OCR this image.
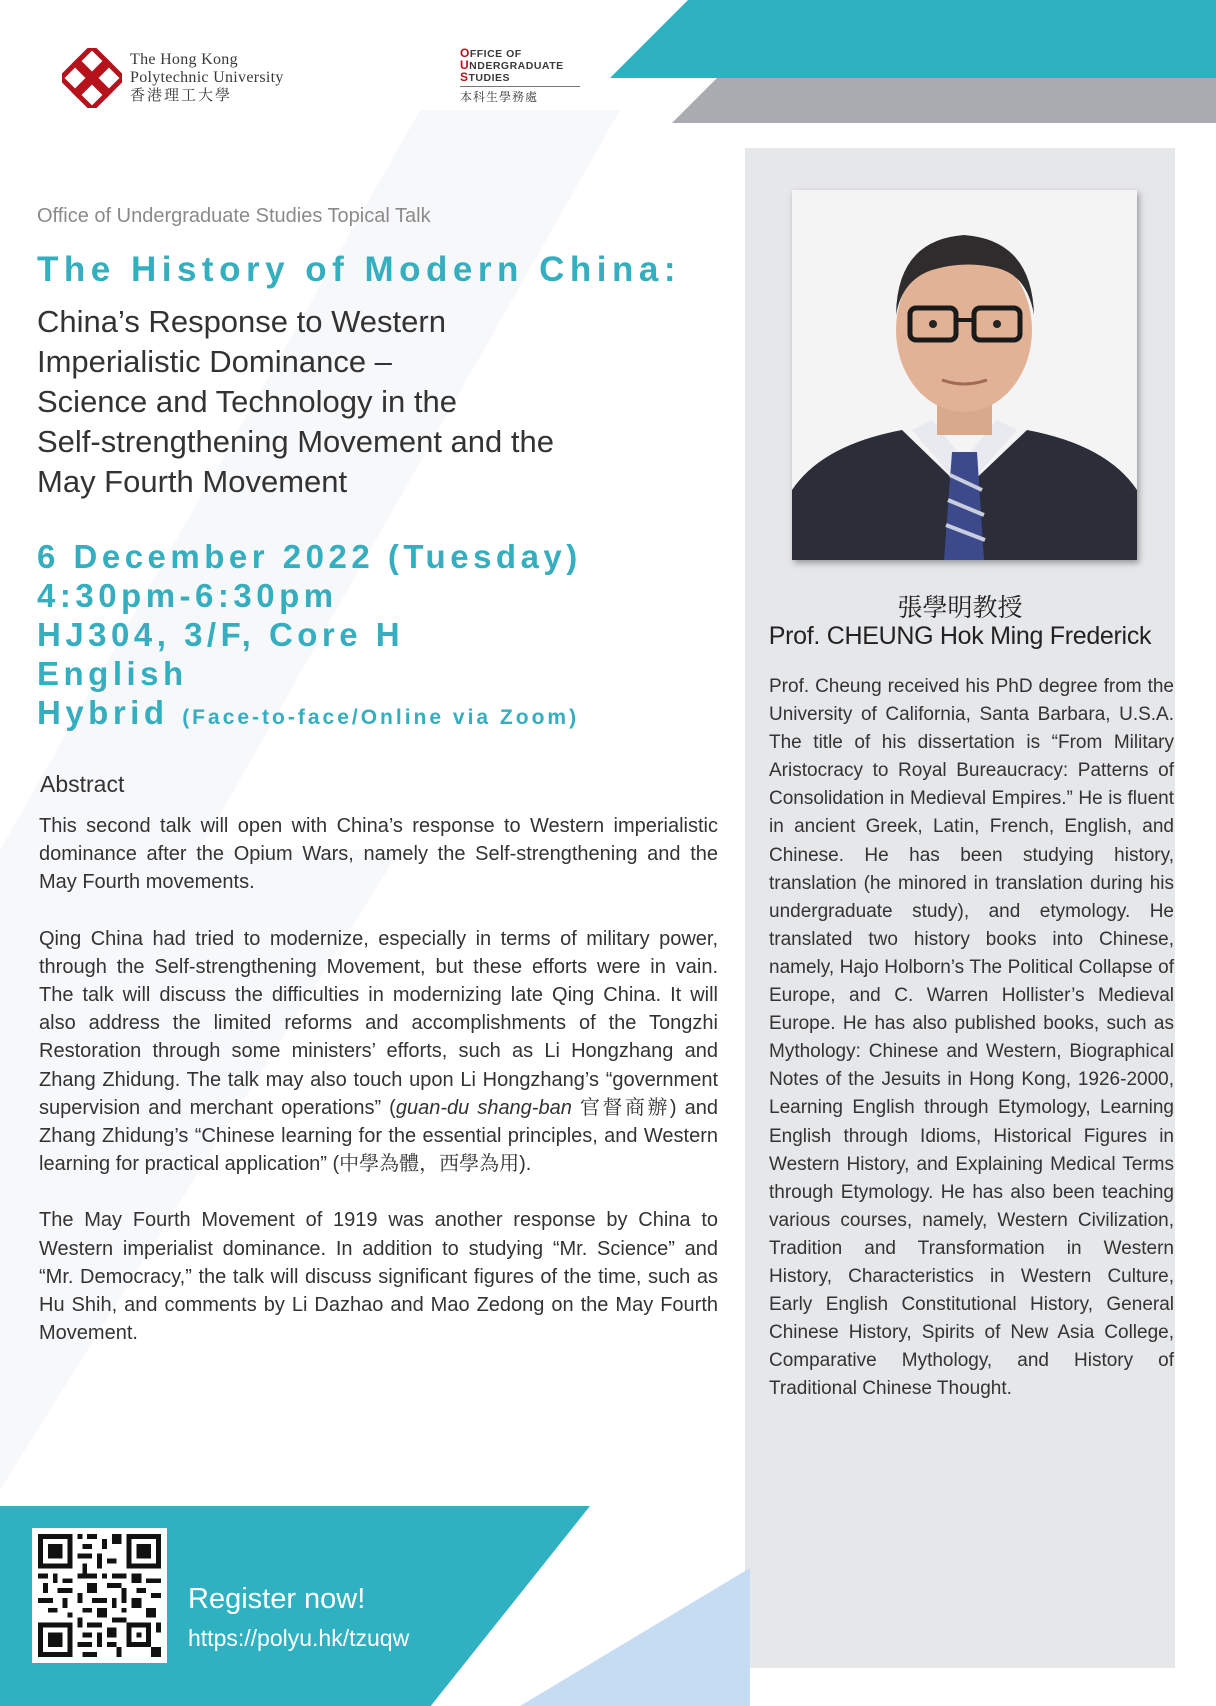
The Hong Kong
Polytechnic University
香港理工大學
OFFICE OF
UNDERGRADUATE
STUDIES
本科生學務處
Office of Undergraduate Studies Topical Talk
The History of Modern China:
China’s Response to Western
Imperialistic Dominance –
Science and Technology in the
Self-strengthening Movement and the
May Fourth Movement
6 December 2022 (Tuesday)
4:30pm-6:30pm
HJ304, 3/F, Core H
English
Hybrid (Face-to-face/Online via Zoom)
Abstract

This second talk will open with China’s response to Western imperialistic dominance after the Opium Wars, namely the Self-strengthening and the May Fourth movements.

Qing China had tried to modernize, especially in terms of military power, through the Self-strengthening Movement, but these efforts were in vain. The talk will discuss the difficulties in modernizing late Qing China. It will also address the limited reforms and accomplishments of the Tongzhi Restoration through some ministers’ efforts, such as Li Hongzhang and Zhang Zhidung. The talk may also touch upon Li Hongzhang’s “government supervision and merchant operations” (guan-du shang-ban 官督商辦) and Zhang Zhidung’s “Chinese learning for the essential principles, and Western learning for practical application” (中學為體，西學為用).

The May Fourth Movement of 1919 was another response by China to Western imperialist dominance. In addition to studying “Mr. Science” and “Mr. Democracy,” the talk will discuss significant figures of the time, such as Hu Shih, and comments by Li Dazhao and Mao Zedong on the May Fourth Movement.

張學明教授
Prof. CHEUNG Hok Ming Frederick
Prof. Cheung received his PhD degree from the University of California, Santa Barbara, U.S.A. The title of his dissertation is “From Military Aristocracy to Royal Bureaucracy: Patterns of Consolidation in Medieval Empires.” He is fluent in ancient Greek, Latin, French, English, and Chinese. He has been studying history, translation (he minored in translation during his undergraduate study), and etymology. He translated two history books into Chinese, namely, Hajo Holborn’s The Political Collapse of Europe, and C. Warren Hollister’s Medieval Europe. He has also published books, such as Mythology: Chinese and Western, Biographical Notes of the Jesuits in Hong Kong, 1926-2000, Learning English through Etymology, Learning English through Idioms, Historical Figures in Western History, and Explaining Medical Terms through Etymology. He has also been teaching various courses, namely, Western Civilization, Tradition and Transformation in Western History, Characteristics in Western Culture, Early English Constitutional History, General Chinese History, Spirits of New Asia College, Comparative Mythology, and History of Traditional Chinese Thought.
Register now!
https://polyu.hk/tzuqw
